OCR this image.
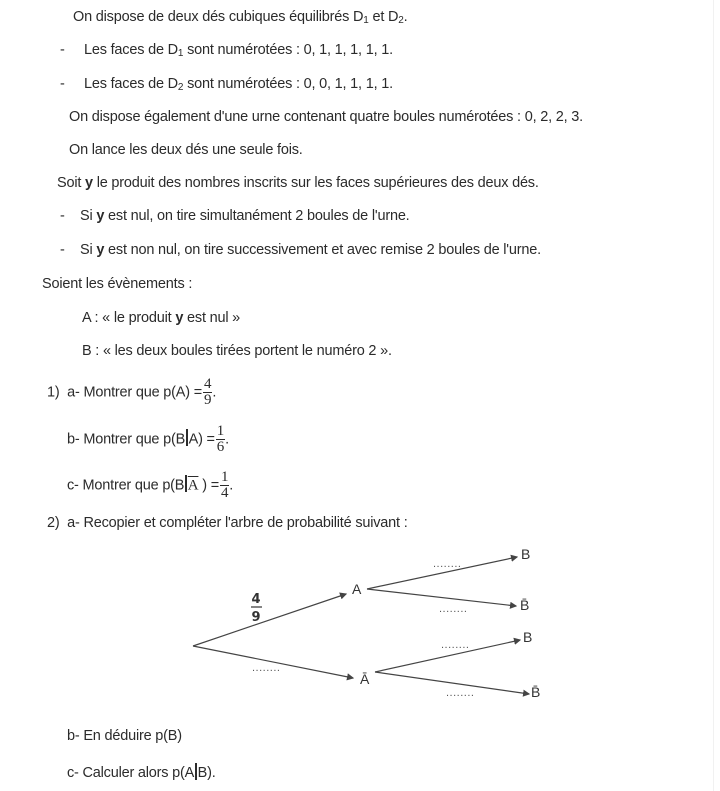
On dispose de deux dés cubiques équilibrés $D_1$ et $D_2$.
- Les faces de $D_1$ sont numérotées : 0, 1, 1, 1, 1, 1.
- Les faces de $D_2$ sont numérotées : 0, 0, 1, 1, 1, 1.
On dispose également d'une urne contenant quatre boules numérotées : 0, 2, 2, 3.
On lance les deux dés une seule fois.
Soit y le produit des nombres inscrits sur les faces supérieures des deux dés.
- Si y est nul, on tire simultanément 2 boules de l'urne.
- Si y est non nul, on tire successivement et avec remise 2 boules de l'urne.
Soient les évènements :
A : « le produit y est nul »
B : « les deux boules tirées portent le numéro 2 ».
1) a- Montrer que $p(A) = \frac{4}{9}$ .
b- Montrer que p(B $A) = \frac{1}{6}$ .
c- Montrer que p(B $\overline{A}$ ) = $\frac{1}{4}$ .
2) a- Recopier et compléter l'arbre de probabilité suivant :
4
9
........
A
Ā
........
........
........
........
B
B̄
B
B̄
b- En déduire p(B)
c- Calculer alors p(A B).
